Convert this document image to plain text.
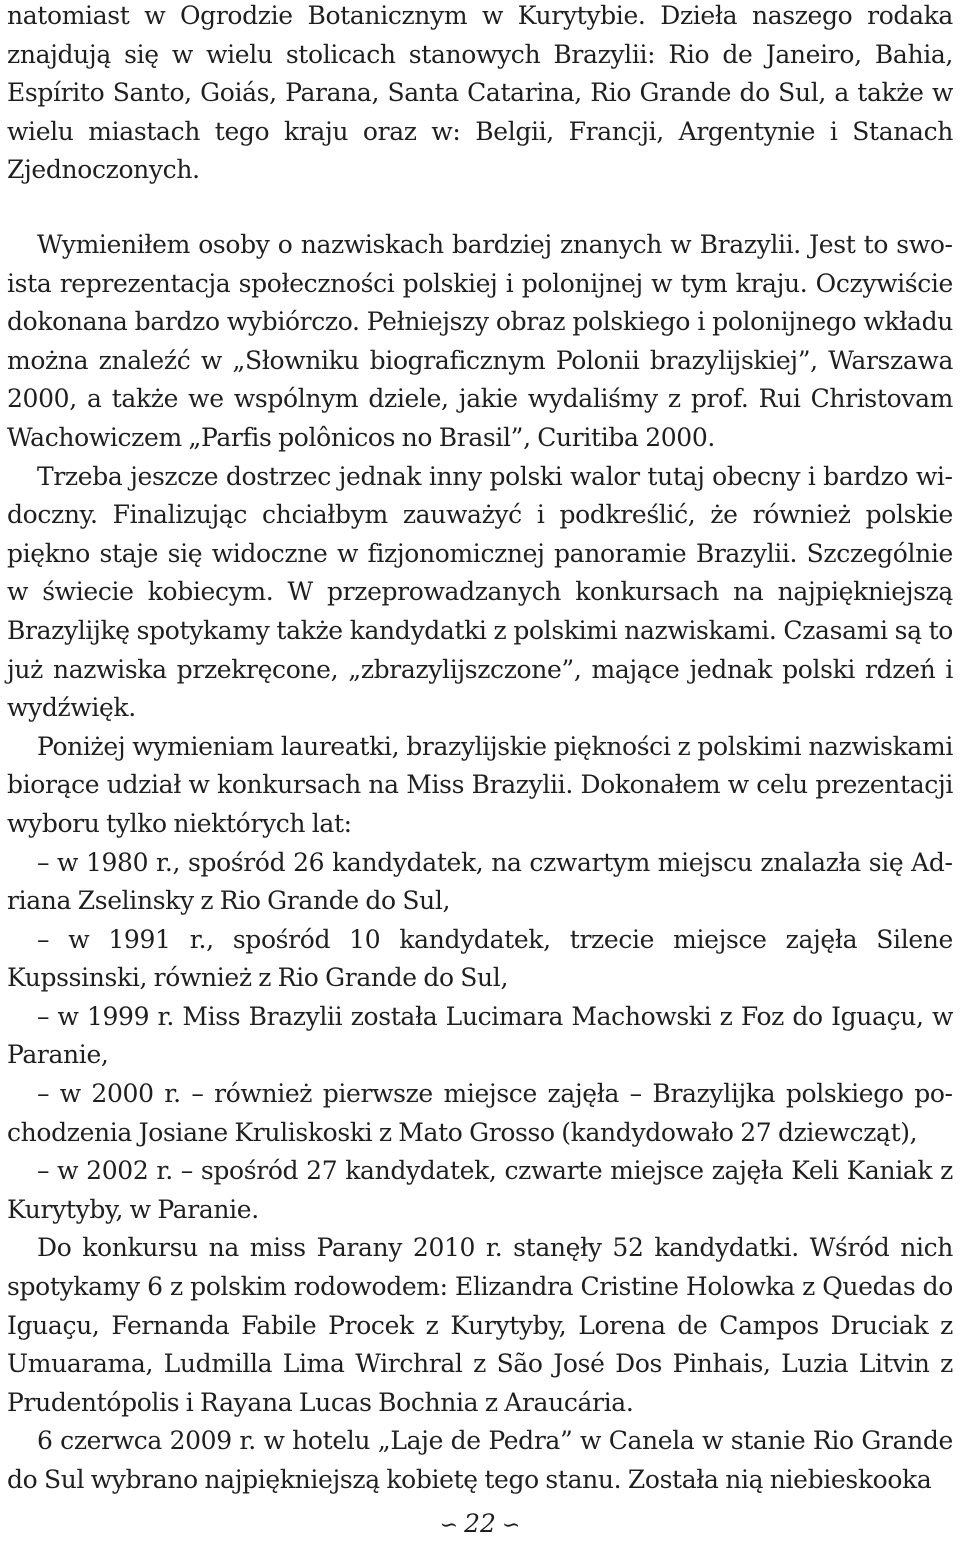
natomiast w Ogrodzie Botanicznym w Kurytybie. Dzieła naszego rodaka znajdują się w wielu stolicach stanowych Brazylii: Rio de Janeiro, Bahia, Espírito Santo, Goiás, Parana, Santa Catarina, Rio Grande do Sul, a także w wielu miastach tego kraju oraz w: Belgii, Francji, Argentynie i Stanach Zjednoczonych.

Wymieniłem osoby o nazwiskach bardziej znanych w Brazylii. Jest to swoista reprezentacja społeczności polskiej i polonijnej w tym kraju. Oczywiście dokonana bardzo wybiórczo. Pełniejszy obraz polskiego i polonijnego wkładu można znaleźć w „Słowniku biograficznym Polonii brazylijskiej”, Warszawa 2000, a także we wspólnym dziele, jakie wydaliśmy z prof. Rui Christovam Wachowiczem „Parfis polônicos no Brasil”, Curitiba 2000.

Trzeba jeszcze dostrzec jednak inny polski walor tutaj obecny i bardzo widoczny. Finalizując chciałbym zauważyć i podkreślić, że również polskie piękno staje się widoczne w fizjonomicznej panoramie Brazylii. Szczególnie w świecie kobiecym. W przeprowadzanych konkursach na najpiękniejszą Brazylijkę spotykamy także kandydatki z polskimi nazwiskami. Czasami są to już nazwiska przekręcone, „zbrazylijszczone”, mające jednak polski rdzeń i wydźwięk.

Poniżej wymieniam laureatki, brazylijskie piękności z polskimi nazwiskami biorące udział w konkursach na Miss Brazylii. Dokonałem w celu prezentacji wyboru tylko niektórych lat:

– w 1980 r., spośród 26 kandydatek, na czwartym miejscu znalazła się Adriana Zselinsky z Rio Grande do Sul,

– w 1991 r., spośród 10 kandydatek, trzecie miejsce zajęła Silene Kupssinski, również z Rio Grande do Sul,

– w 1999 r. Miss Brazylii została Lucimara Machowski z Foz do Iguaçu, w Paranie,

– w 2000 r. – również pierwsze miejsce zajęła – Brazylijka polskiego pochodzenia Josiane Kruliskoski z Mato Grosso (kandydowało 27 dziewcząt),

– w 2002 r. – spośród 27 kandydatek, czwarte miejsce zajęła Keli Kaniak z Kurytyby, w Paranie.

Do konkursu na miss Parany 2010 r. stanęły 52 kandydatki. Wśród nich spotykamy 6 z polskim rodowodem: Elizandra Cristine Holowka z Quedas do Iguaçu, Fernanda Fabile Procek z Kurytyby, Lorena de Campos Druciak z Umuarama, Ludmilla Lima Wirchral z São José Dos Pinhais, Luzia Litvin z Prudentópolis i Rayana Lucas Bochnia z Araucária.

6 czerwca 2009 r. w hotelu „Laje de Pedra” w Canela w stanie Rio Grande do Sul wybrano najpiękniejszą kobietę tego stanu. Została nią niebieskooka

∽ 22 ∽
